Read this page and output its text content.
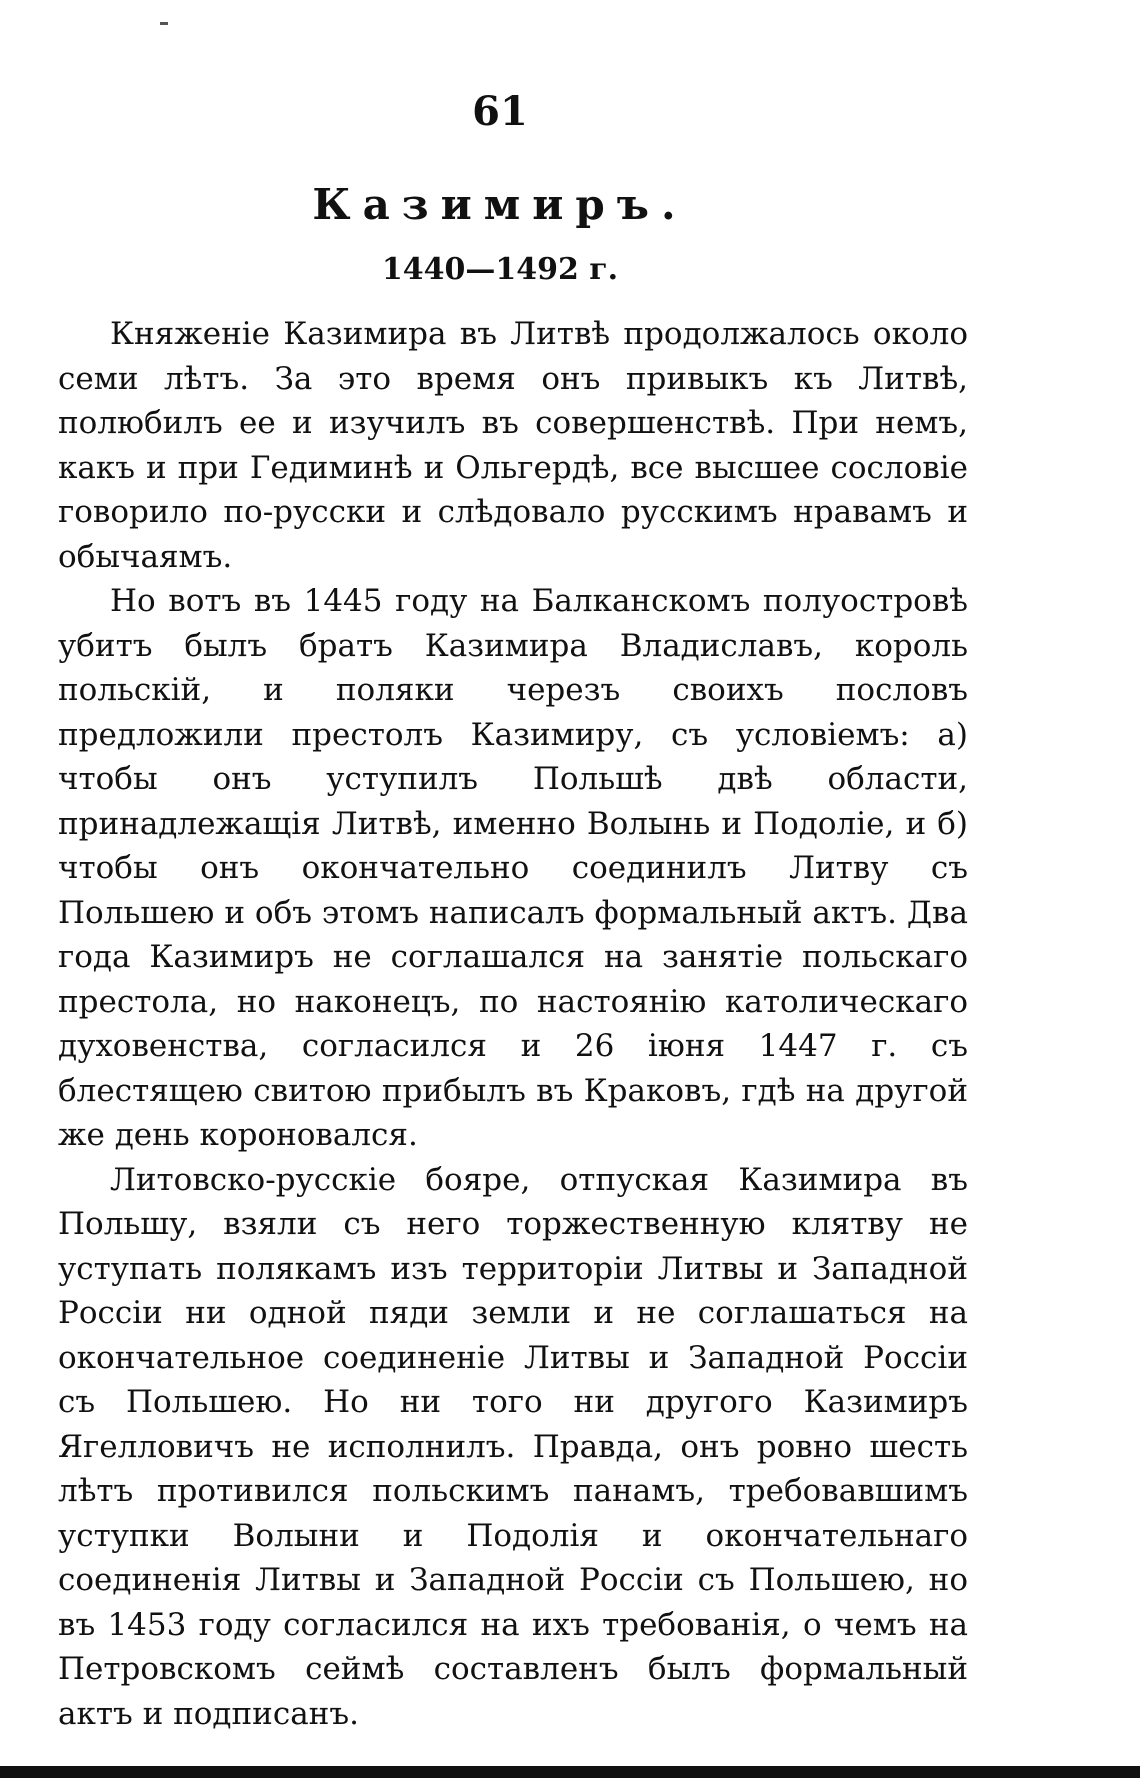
61
Казимиръ.
1440—1492 г.

Княженіе Казимира въ Литвѣ продолжалось около семи лѣтъ. За это время онъ привыкъ къ Литвѣ, полюбилъ ее и изучилъ въ совершенствѣ. При немъ, какъ и при Гедиминѣ и Ольгердѣ, все высшее сословіе говорило по-русски и слѣдовало русскимъ нравамъ и обычаямъ.

Но вотъ въ 1445 году на Балканскомъ полуостровѣ убитъ былъ братъ Казимира Владиславъ, король польскій, и поляки черезъ своихъ пословъ предложили престолъ Казимиру, съ условіемъ: а) чтобы онъ уступилъ Польшѣ двѣ области, принадлежащія Литвѣ, именно Волынь и Подоліе, и б) чтобы онъ окончательно соединилъ Литву съ Польшею и объ этомъ написалъ формальный актъ. Два года Казимиръ не соглашался на занятіе польскаго престола, но наконецъ, по настоянію католическаго духовенства, согласился и 26 іюня 1447 г. съ блестящею свитою прибылъ въ Краковъ, гдѣ на другой же день короновался.

Литовско-русскіе бояре, отпуская Казимира въ Польшу, взяли съ него торжественную клятву не уступать полякамъ изъ территоріи Литвы и Западной Россіи ни одной пяди земли и не соглашаться на окончательное соединеніе Литвы и Западной Россіи съ Польшею. Но ни того ни другого Казимиръ Ягелловичъ не исполнилъ. Правда, онъ ровно шесть лѣтъ противился польскимъ панамъ, требовавшимъ уступки Волыни и Подолія и окончательнаго соединенія Литвы и Западной Россіи съ Польшею, но въ 1453 году согласился на ихъ требованія, о чемъ на Петровскомъ сеймѣ составленъ былъ формальный актъ и подписанъ.
